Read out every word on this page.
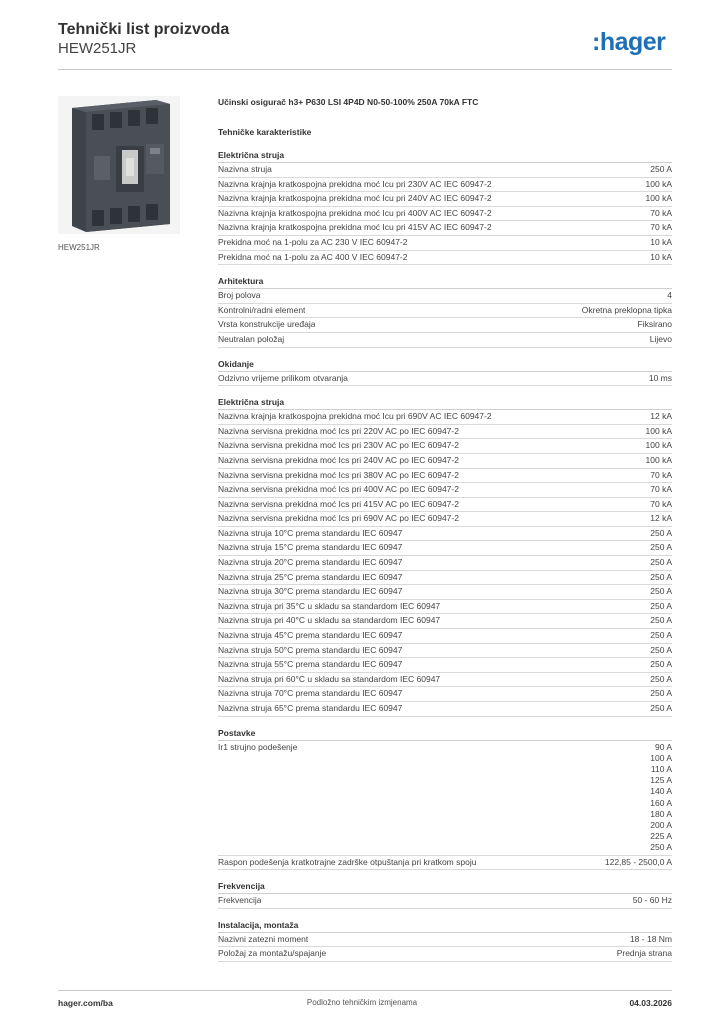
Tehnički list proizvoda
HEW251JR	:hager
HEW251JR
Učinski osigurač h3+ P630 LSI 4P4D N0-50-100% 250A 70kA FTC
Tehničke karakteristike
Električna struja
Nazivna struja	250 A
Nazivna krajnja kratkospojna prekidna moć Icu pri 230V AC IEC 60947-2	100 kA
Nazivna krajnja kratkospojna prekidna moć Icu pri 240V AC IEC 60947-2	100 kA
Nazivna krajnja kratkospojna prekidna moć Icu pri 400V AC IEC 60947-2	70 kA
Nazivna krajnja kratkospojna prekidna moć Icu pri 415V AC IEC 60947-2	70 kA
Prekidna moć na 1-polu za AC 230 V IEC 60947-2	10 kA
Prekidna moć na 1-polu za AC 400 V IEC 60947-2	10 kA
Arhitektura
Broj polova	4
Kontrolni/radni element	Okretna preklopna tipka
Vrsta konstrukcije uređaja	Fiksirano
Neutralan položaj	Lijevo
Okidanje
Odzivno vrijeme prilikom otvaranja	10 ms
Električna struja
Nazivna krajnja kratkospojna prekidna moć Icu pri 690V AC IEC 60947-2	12 kA
Nazivna servisna prekidna moć Ics pri 220V AC po IEC 60947-2	100 kA
Nazivna servisna prekidna moć Ics pri 230V AC po IEC 60947-2	100 kA
Nazivna servisna prekidna moć Ics pri 240V AC po IEC 60947-2	100 kA
Nazivna servisna prekidna moć Ics pri 380V AC po IEC 60947-2	70 kA
Nazivna servisna prekidna moć Ics pri 400V AC po IEC 60947-2	70 kA
Nazivna servisna prekidna moć Ics pri 415V AC po IEC 60947-2	70 kA
Nazivna servisna prekidna moć Ics pri 690V AC po IEC 60947-2	12 kA
Nazivna struja 10°C prema standardu IEC 60947	250 A
Nazivna struja 15°C prema standardu IEC 60947	250 A
Nazivna struja 20°C prema standardu IEC 60947	250 A
Nazivna struja 25°C prema standardu IEC 60947	250 A
Nazivna struja 30°C prema standardu IEC 60947	250 A
Nazivna struja pri 35°C u skladu sa standardom IEC 60947	250 A
Nazivna struja pri 40°C u skladu sa standardom IEC 60947	250 A
Nazivna struja 45°C prema standardu IEC 60947	250 A
Nazivna struja 50°C prema standardu IEC 60947	250 A
Nazivna struja 55°C prema standardu IEC 60947	250 A
Nazivna struja pri 60°C u skladu sa standardom IEC 60947	250 A
Nazivna struja 70°C prema standardu IEC 60947	250 A
Nazivna struja 65°C prema standardu IEC 60947	250 A
Postavke
Ir1 strujno podešenje	90 A
100 A
110 A
125 A
140 A
160 A
180 A
200 A
225 A
250 A
Raspon podešenja kratkotrajne zadrške otpuštanja pri kratkom spoju	122,85 - 2500,0 A
Frekvencija
Frekvencija	50 - 60 Hz
Instalacija, montaža
Nazivni zatezni moment	18 - 18 Nm
Položaj za montažu/spajanje	Prednja strana
hager.com/ba	Podložno tehničkim izmjenama	04.03.2026
